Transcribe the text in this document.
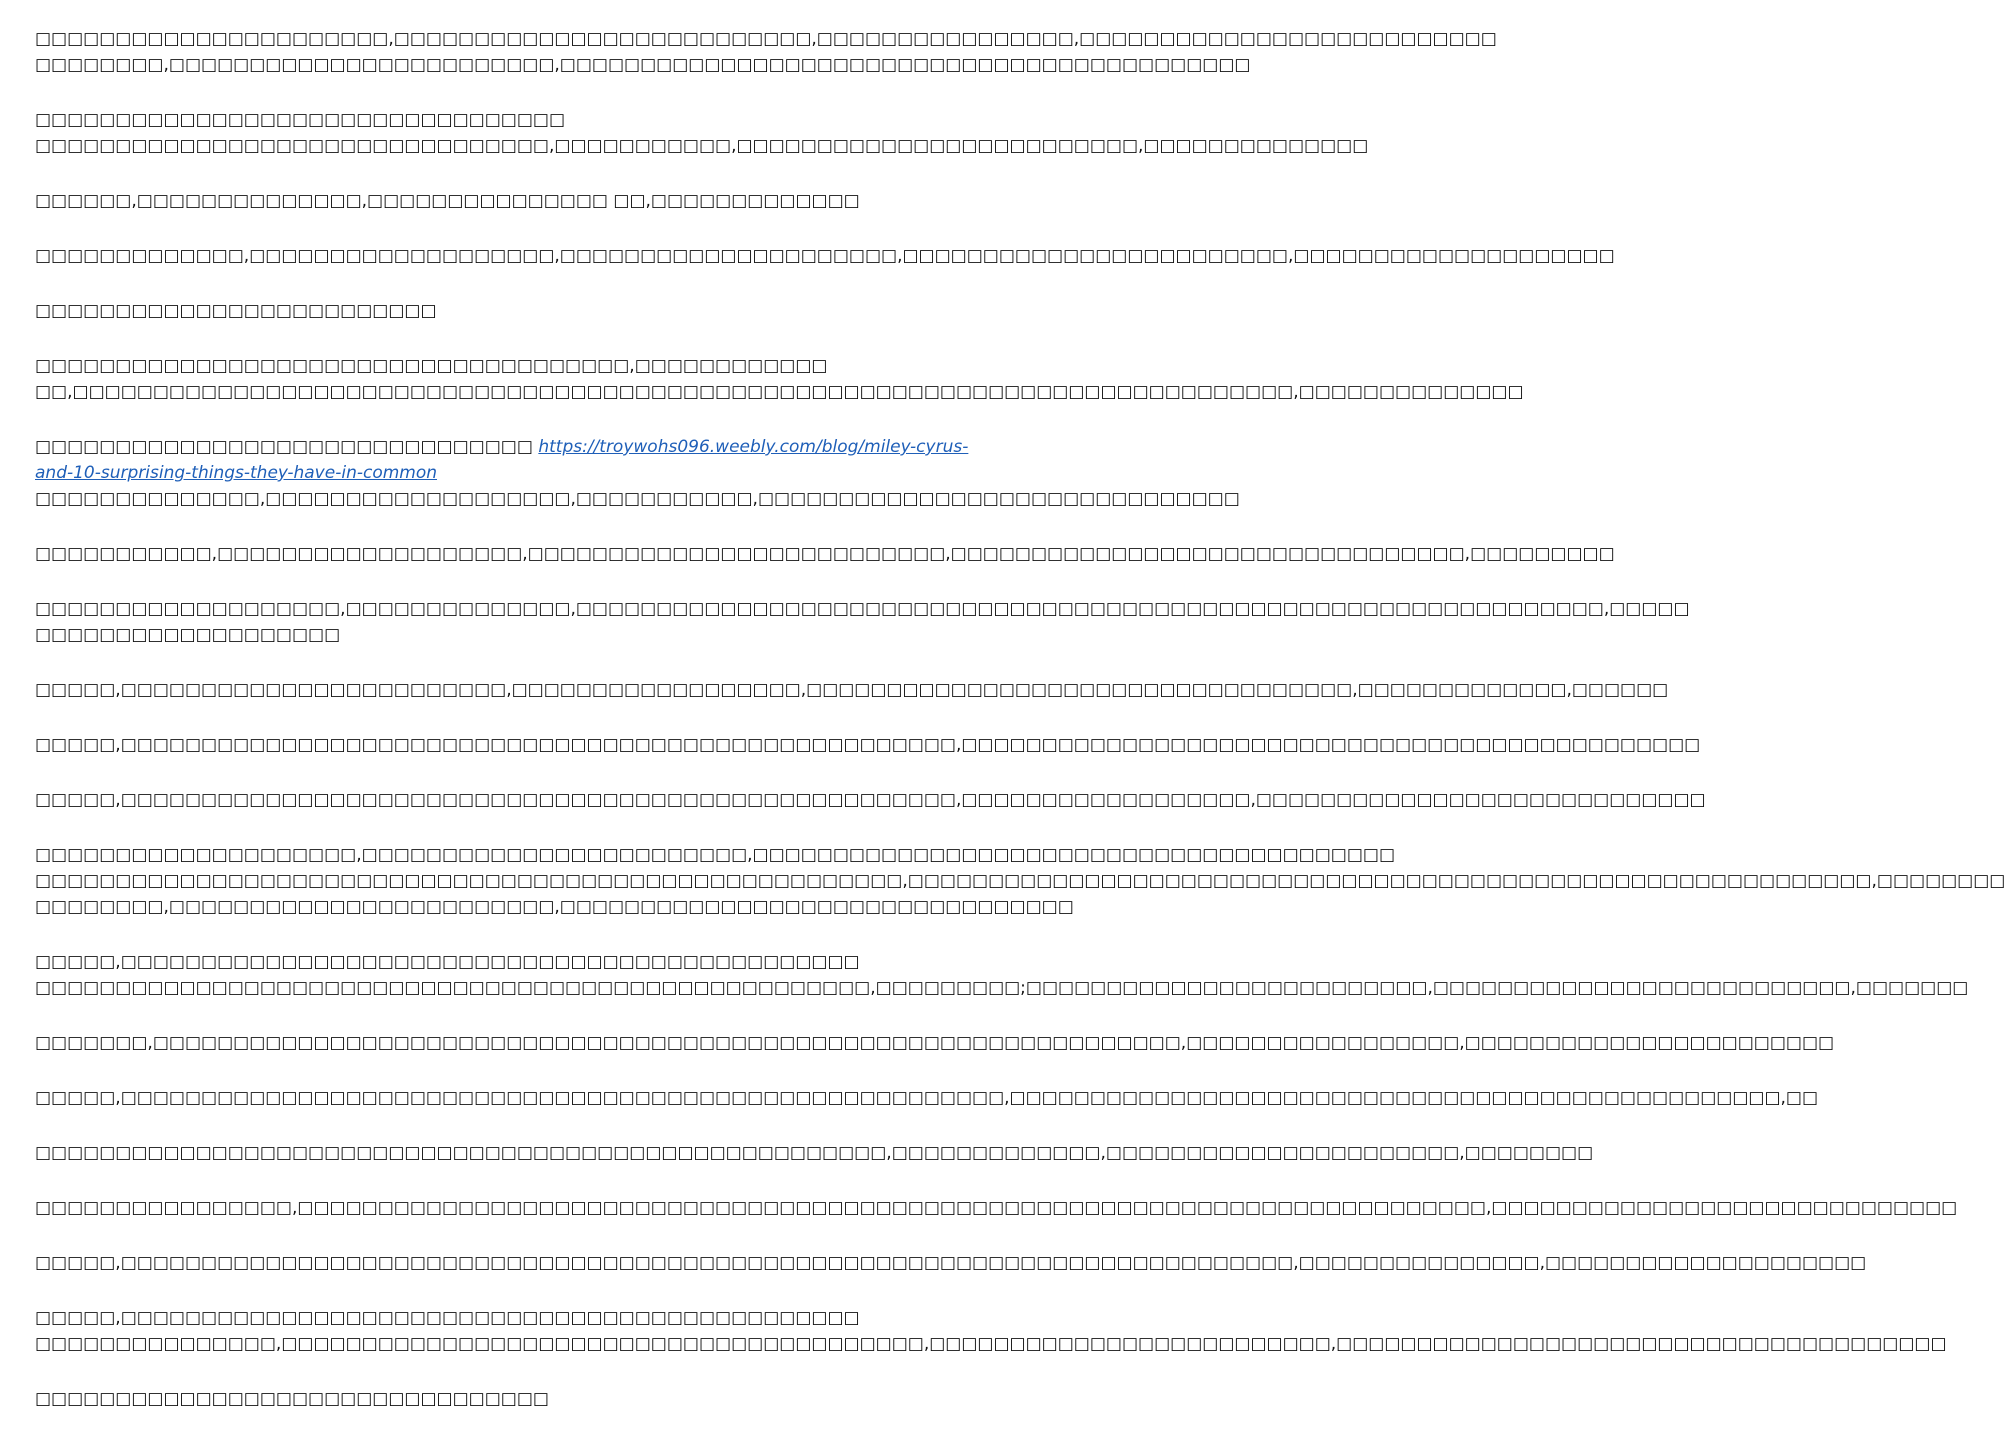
□□□□□□□□□□□□□□□□□□□□□□,□□□□□□□□□□□□□□□□□□□□□□□□□□,□□□□□□□□□□□□□□□□,□□□□□□□□□□□□□□□□□□□□□□□□□□
□□□□□□□□,□□□□□□□□□□□□□□□□□□□□□□□□,□□□□□□□□□□□□□□□□□□□□□□□□□□□□□□□□□□□□□□□□□□□

□□□□□□□□□□□□□□□□□□□□□□□□□□□□□□□□□
□□□□□□□□□□□□□□□□□□□□□□□□□□□□□□□□,□□□□□□□□□□□,□□□□□□□□□□□□□□□□□□□□□□□□□,□□□□□□□□□□□□□□

□□□□□□,□□□□□□□□□□□□□□,□□□□□□□□□□□□□□□ □□,□□□□□□□□□□□□□

□□□□□□□□□□□□□,□□□□□□□□□□□□□□□□□□□,□□□□□□□□□□□□□□□□□□□□□,□□□□□□□□□□□□□□□□□□□□□□□□,□□□□□□□□□□□□□□□□□□□□

□□□□□□□□□□□□□□□□□□□□□□□□□

□□□□□□□□□□□□□□□□□□□□□□□□□□□□□□□□□□□□□,□□□□□□□□□□□□
□□,□□□□□□□□□□□□□□□□□□□□□□□□□□□□□□□□□□□□□□□□□□□□□□□□□□□□□□□□□□□□□□□□□□□□□□□□□□□□,□□□□□□□□□□□□□□

□□□□□□□□□□□□□□□□□□□□□□□□□□□□□□□ https://troywohs096.weebly.com/blog/miley-cyrus-and-10-surprising-things-they-have-in-common □□□□□□□□□□□□□□,□□□□□□□□□□□□□□□□□□□,□□□□□□□□□□□,□□□□□□□□□□□□□□□□□□□□□□□□□□□□□□

□□□□□□□□□□□,□□□□□□□□□□□□□□□□□□□,□□□□□□□□□□□□□□□□□□□□□□□□□□,□□□□□□□□□□□□□□□□□□□□□□□□□□□□□□□□,□□□□□□□□□

□□□□□□□□□□□□□□□□□□□,□□□□□□□□□□□□□□,□□□□□□□□□□□□□□□□□□□□□□□□□□□□□□□□□□□□□□□□□□□□□□□□□□□□□□□□□□□□□□□□,□□□□□
□□□□□□□□□□□□□□□□□□□

□□□□□,□□□□□□□□□□□□□□□□□□□□□□□□,□□□□□□□□□□□□□□□□□□,□□□□□□□□□□□□□□□□□□□□□□□□□□□□□□□□□□,□□□□□□□□□□□□□,□□□□□□

□□□□□,□□□□□□□□□□□□□□□□□□□□□□□□□□□□□□□□□□□□□□□□□□□□□□□□□□□□,□□□□□□□□□□□□□□□□□□□□□□□□□□□□□□□□□□□□□□□□□□□□□□

□□□□□,□□□□□□□□□□□□□□□□□□□□□□□□□□□□□□□□□□□□□□□□□□□□□□□□□□□□,□□□□□□□□□□□□□□□□□□,□□□□□□□□□□□□□□□□□□□□□□□□□□□□

□□□□□□□□□□□□□□□□□□□□,□□□□□□□□□□□□□□□□□□□□□□□□,□□□□□□□□□□□□□□□□□□□□□□□□□□□□□□□□□□□□□□□□
□□□□□□□□□□□□□□□□□□□□□□□□□□□□□□□□□□□□□□□□□□□□□□□□□□□□□□,□□□□□□□□□□□□□□□□□□□□□□□□□□□□□□□□□□□□□□□□□□□□□□□□□□□□□□□□□□□□,□□□□□□□□
□□□□□□□□,□□□□□□□□□□□□□□□□□□□□□□□□,□□□□□□□□□□□□□□□□□□□□□□□□□□□□□□□□

□□□□□,□□□□□□□□□□□□□□□□□□□□□□□□□□□□□□□□□□□□□□□□□□□□□□
□□□□□□□□□□□□□□□□□□□□□□□□□□□□□□□□□□□□□□□□□□□□□□□□□□□□,□□□□□□□□□;□□□□□□□□□□□□□□□□□□□□□□□□□,□□□□□□□□□□□□□□□□□□□□□□□□□□,□□□□□□□

□□□□□□□,□□□□□□□□□□□□□□□□□□□□□□□□□□□□□□□□□□□□□□□□□□□□□□□□□□□□□□□□□□□□□□□□,□□□□□□□□□□□□□□□□□,□□□□□□□□□□□□□□□□□□□□□□□

□□□□□,□□□□□□□□□□□□□□□□□□□□□□□□□□□□□□□□□□□□□□□□□□□□□□□□□□□□□□□,□□□□□□□□□□□□□□□□□□□□□□□□□□□□□□□□□□□□□□□□□□□□□□□□,□□

□□□□□□□□□□□□□□□□□□□□□□□□□□□□□□□□□□□□□□□□□□□□□□□□□□□□□,□□□□□□□□□□□□□,□□□□□□□□□□□□□□□□□□□□□□,□□□□□□□□

□□□□□□□□□□□□□□□□,□□□□□□□□□□□□□□□□□□□□□□□□□□□□□□□□□□□□□□□□□□□□□□□□□□□□□□□□□□□□□□□□□□□□□□□□□□,□□□□□□□□□□□□□□□□□□□□□□□□□□□□□

□□□□□,□□□□□□□□□□□□□□□□□□□□□□□□□□□□□□□□□□□□□□□□□□□□□□□□□□□□□□□□□□□□□□□□□□□□□□□□□,□□□□□□□□□□□□□□□,□□□□□□□□□□□□□□□□□□□□

□□□□□,□□□□□□□□□□□□□□□□□□□□□□□□□□□□□□□□□□□□□□□□□□□□□□
□□□□□□□□□□□□□□□,□□□□□□□□□□□□□□□□□□□□□□□□□□□□□□□□□□□□□□□□,□□□□□□□□□□□□□□□□□□□□□□□□□,□□□□□□□□□□□□□□□□□□□□□□□□□□□□□□□□□□□□□□

□□□□□□□□□□□□□□□□□□□□□□□□□□□□□□□□
